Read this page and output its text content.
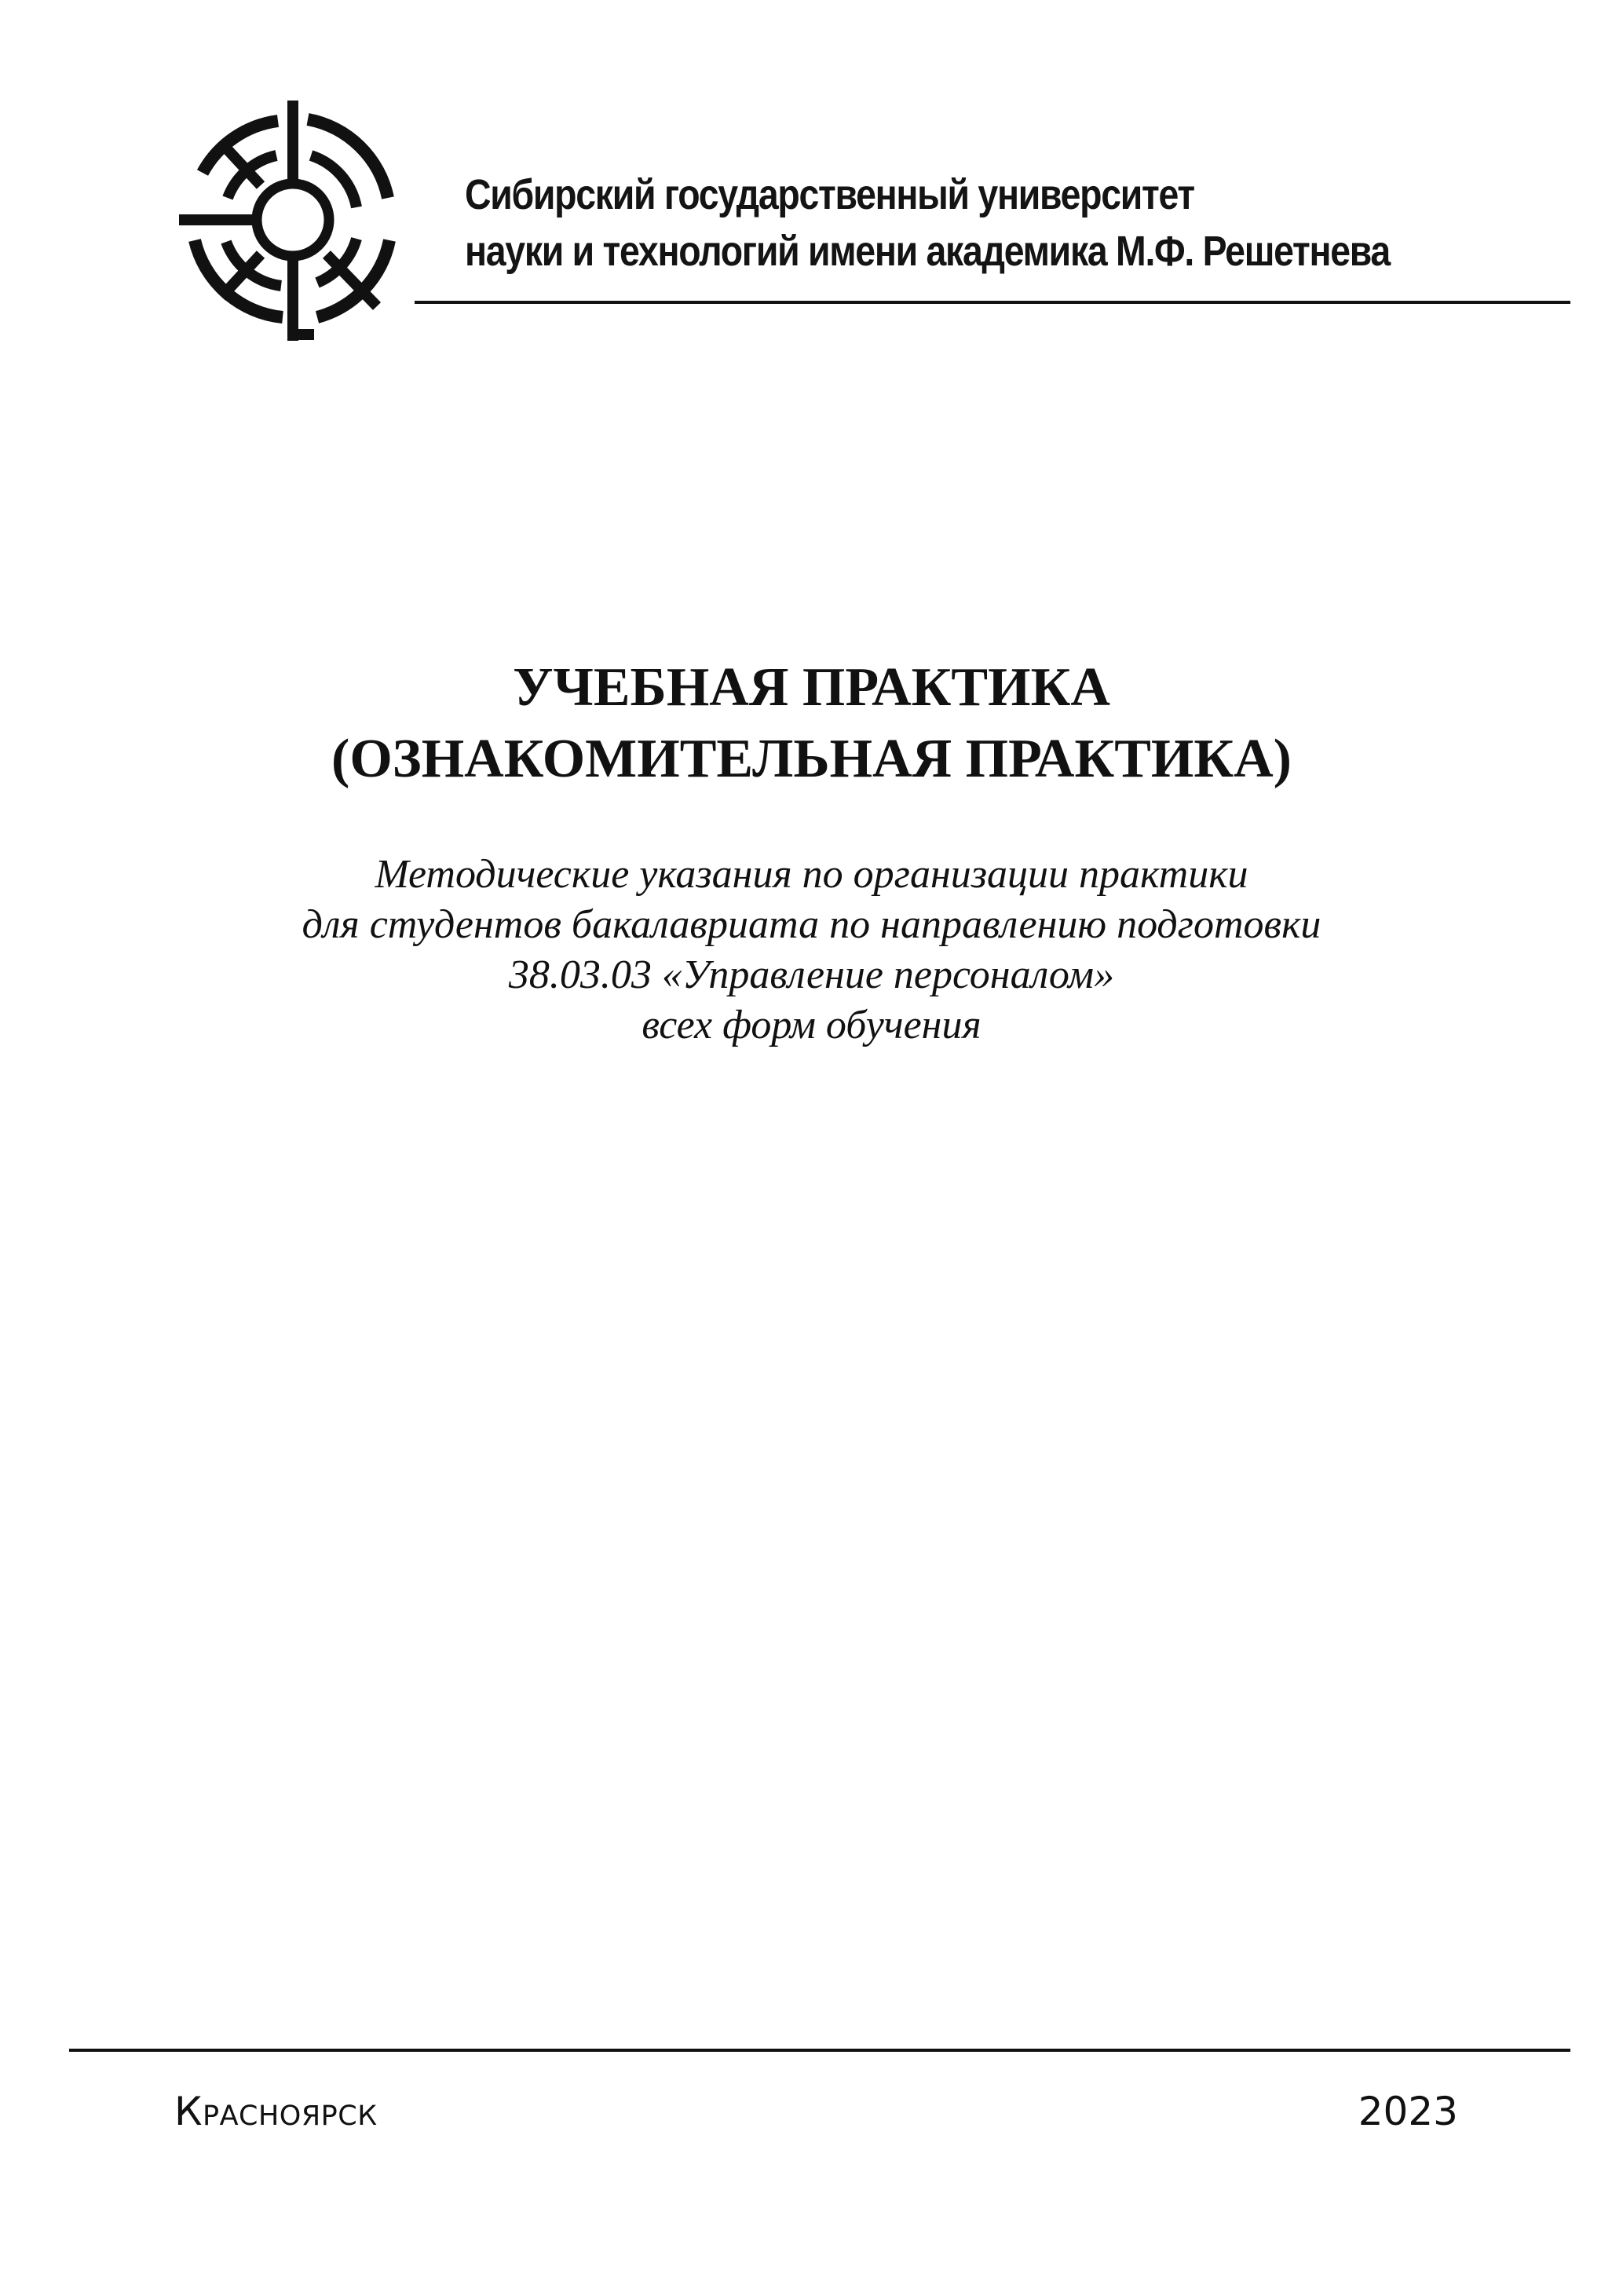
Сибирский государственный университет
науки и технологий имени академика М.Ф. Решетнева
УЧЕБНАЯ ПРАКТИКА
(ОЗНАКОМИТЕЛЬНАЯ ПРАКТИКА)
Методические указания по организации практики
для студентов бакалавриата по направлению подготовки
38.03.03 «Управление персоналом»
всех форм обучения
Красноярск	2023
